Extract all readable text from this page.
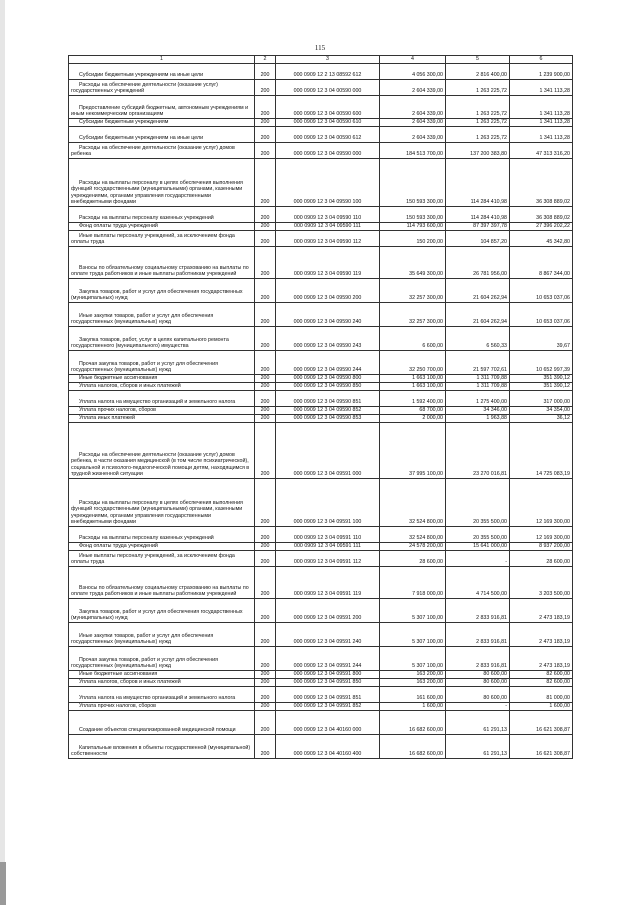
115
1	2	3	4	5	6
Субсидии бюджетным учреждениям на иные цели	200	000 0909 12 2 13 08592 612	4 056 300,00	2 816 400,00	1 239 900,00
Расходы на обеспечение деятельности (оказание услуг) государственных учреждений	200	000 0909 12 3 04 00590 000	2 604 339,00	1 263 225,72	1 341 113,28
Предоставление субсидий бюджетным, автономным учреждениям и иным некоммерческим организациям	200	000 0909 12 3 04 00590 600	2 604 339,00	1 263 225,72	1 341 113,28
Субсидии бюджетным учреждениям	200	000 0909 12 3 04 00590 610	2 604 339,00	1 263 225,72	1 341 113,28
Субсидии бюджетным учреждениям на иные цели	200	000 0909 12 3 04 00590 612	2 604 339,00	1 263 225,72	1 341 113,28
Расходы на обеспечение деятельности (оказание услуг) домов ребенка	200	000 0909 12 3 04 09590 000	184 513 700,00	137 200 383,80	47 313 316,20
Расходы на выплаты персоналу в целях обеспечения выполнения функций государственными (муниципальными) органами, казенными учреждениями, органами управления государственными внебюджетными фондами	200	000 0909 12 3 04 09590 100	150 593 300,00	114 284 410,98	36 308 889,02
Расходы на выплаты персоналу казенных учреждений	200	000 0909 12 3 04 09590 110	150 593 300,00	114 284 410,98	36 308 889,02
Фонд оплаты труда учреждений	200	000 0909 12 3 04 09590 111	114 793 600,00	87 397 397,78	27 396 202,22
Иные выплаты персоналу учреждений, за исключением фонда оплаты труда	200	000 0909 12 3 04 09590 112	150 200,00	104 857,20	45 342,80
Взносы по обязательному социальному страхованию на выплаты по оплате труда работников и иные выплаты работникам учреждений	200	000 0909 12 3 04 09590 119	35 649 300,00	26 781 956,00	8 867 344,00
Закупка товаров, работ и услуг для обеспечения государственных (муниципальных) нужд	200	000 0909 12 3 04 09590 200	32 257 300,00	21 604 262,94	10 653 037,06
Иные закупки товаров, работ и услуг для обеспечения государственных (муниципальных) нужд	200	000 0909 12 3 04 09590 240	32 257 300,00	21 604 262,94	10 653 037,06
Закупка товаров, работ, услуг в целях капитального ремонта государственного (муниципального) имущества	200	000 0909 12 3 04 09590 243	6 600,00	6 560,33	39,67
Прочая закупка товаров, работ и услуг для обеспечения государственных (муниципальных) нужд	200	000 0909 12 3 04 09590 244	32 250 700,00	21 597 702,61	10 652 997,39
Иные бюджетные ассигнования	200	000 0909 12 3 04 09590 800	1 663 100,00	1 311 709,88	351 390,12
Уплата налогов, сборов и иных платежей	200	000 0909 12 3 04 09590 850	1 663 100,00	1 311 709,88	351 390,12
Уплата налога на имущество организаций и земельного налога	200	000 0909 12 3 04 09590 851	1 592 400,00	1 275 400,00	317 000,00
Уплата прочих налогов, сборов	200	000 0909 12 3 04 09590 852	68 700,00	34 346,00	34 354,00
Уплата иных платежей	200	000 0909 12 3 04 09590 853	2 000,00	1 963,88	36,12
Расходы на обеспечение деятельности (оказание услуг) домов ребенка, в части оказания медицинской (в том числе психиатрической), социальной и психолого-педагогической помощи детям, находящимся в трудной жизненной ситуации	200	000 0909 12 3 04 09591 000	37 995 100,00	23 270 016,81	14 725 083,19
Расходы на выплаты персоналу в целях обеспечения выполнения функций государственными (муниципальными) органами, казенными учреждениями, органами управления государственными внебюджетными фондами	200	000 0909 12 3 04 09591 100	32 524 800,00	20 355 500,00	12 169 300,00
Расходы на выплаты персоналу казенных учреждений	200	000 0909 12 3 04 09591 110	32 524 800,00	20 355 500,00	12 169 300,00
Фонд оплаты труда учреждений	200	000 0909 12 3 04 09591 111	24 578 200,00	15 641 000,00	8 937 200,00
Иные выплаты персоналу учреждений, за исключением фонда оплаты труда	200	000 0909 12 3 04 09591 112	28 600,00	-	28 600,00
Взносы по обязательному социальному страхованию на выплаты по оплате труда работников и иные выплаты работникам учреждений	200	000 0909 12 3 04 09591 119	7 918 000,00	4 714 500,00	3 203 500,00
Закупка товаров, работ и услуг для обеспечения государственных (муниципальных) нужд	200	000 0909 12 3 04 09591 200	5 307 100,00	2 833 916,81	2 473 183,19
Иные закупки товаров, работ и услуг для обеспечения государственных (муниципальных) нужд	200	000 0909 12 3 04 09591 240	5 307 100,00	2 833 916,81	2 473 183,19
Прочая закупка товаров, работ и услуг для обеспечения государственных (муниципальных) нужд	200	000 0909 12 3 04 09591 244	5 307 100,00	2 833 916,81	2 473 183,19
Иные бюджетные ассигнования	200	000 0909 12 3 04 09591 800	163 200,00	80 600,00	82 600,00
Уплата налогов, сборов и иных платежей	200	000 0909 12 3 04 09591 850	163 200,00	80 600,00	82 600,00
Уплата налога на имущество организаций и земельного налога	200	000 0909 12 3 04 09591 851	161 600,00	80 600,00	81 000,00
Уплата прочих налогов, сборов	200	000 0909 12 3 04 09591 852	1 600,00	-	1 600,00
Создание объектов специализированной медицинской помощи	200	000 0909 12 3 04 40160 000	16 682 600,00	61 291,13	16 621 308,87
Капитальные вложения в объекты государственной (муниципальной) собственности	200	000 0909 12 3 04 40160 400	16 682 600,00	61 291,13	16 621 308,87
